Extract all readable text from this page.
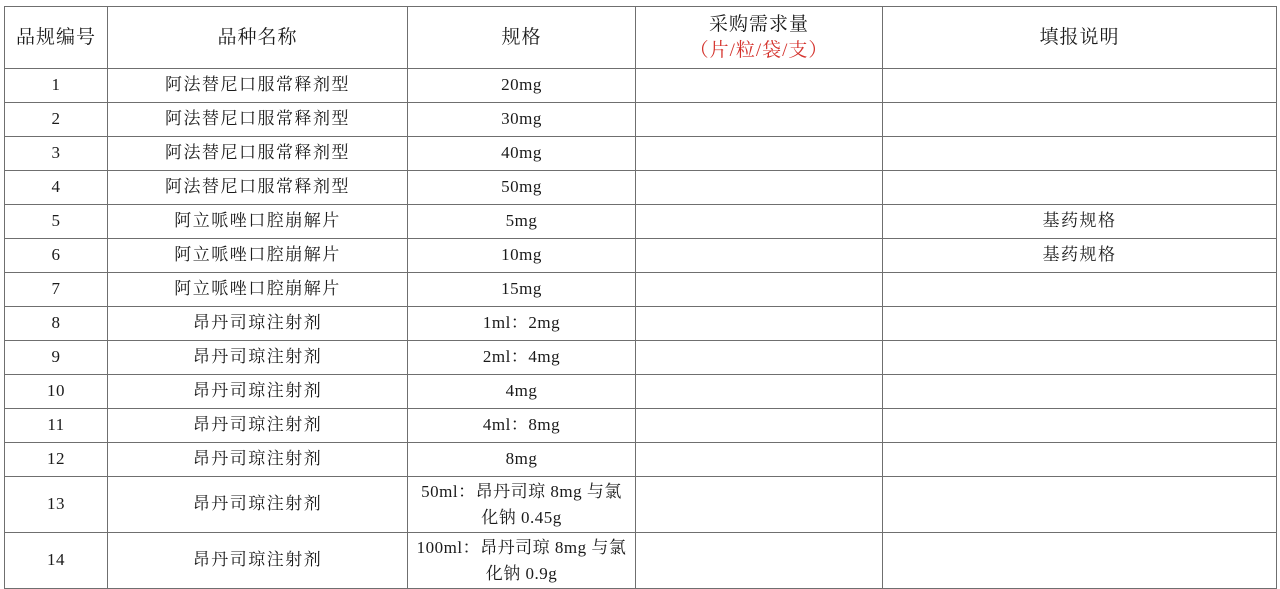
品规编号	品种名称	规格	采购需求量（片/粒/袋/支）	填报说明
1	阿法替尼口服常释剂型	20mg		
2	阿法替尼口服常释剂型	30mg		
3	阿法替尼口服常释剂型	40mg		
4	阿法替尼口服常释剂型	50mg		
5	阿立哌唑口腔崩解片	5mg		基药规格
6	阿立哌唑口腔崩解片	10mg		基药规格
7	阿立哌唑口腔崩解片	15mg		
8	昂丹司琼注射剂	1ml：2mg		
9	昂丹司琼注射剂	2ml：4mg		
10	昂丹司琼注射剂	4mg		
11	昂丹司琼注射剂	4ml：8mg		
12	昂丹司琼注射剂	8mg		
13	昂丹司琼注射剂	50ml：昂丹司琼 8mg 与氯化钠 0.45g		
14	昂丹司琼注射剂	100ml：昂丹司琼 8mg 与氯化钠 0.9g		
